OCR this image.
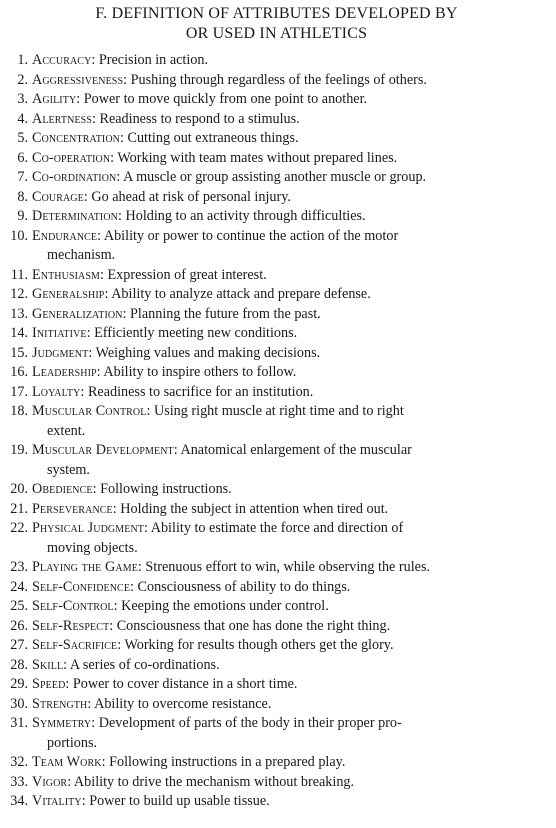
F. DEFINITION OF ATTRIBUTES DEVELOPED BY
OR USED IN ATHLETICS
1. Accuracy: Precision in action.
2. Aggressiveness: Pushing through regardless of the feelings of others.
3. Agility: Power to move quickly from one point to another.
4. Alertness: Readiness to respond to a stimulus.
5. Concentration: Cutting out extraneous things.
6. Co-operation: Working with team mates without prepared lines.
7. Co-ordination: A muscle or group assisting another muscle or group.
8. Courage: Go ahead at risk of personal injury.
9. Determination: Holding to an activity through difficulties.
10. Endurance: Ability or power to continue the action of the motor
mechanism.
11. Enthusiasm: Expression of great interest.
12. Generalship: Ability to analyze attack and prepare defense.
13. Generalization: Planning the future from the past.
14. Initiative: Efficiently meeting new conditions.
15. Judgment: Weighing values and making decisions.
16. Leadership: Ability to inspire others to follow.
17. Loyalty: Readiness to sacrifice for an institution.
18. Muscular Control: Using right muscle at right time and to right
extent.
19. Muscular Development: Anatomical enlargement of the muscular
system.
20. Obedience: Following instructions.
21. Perseverance: Holding the subject in attention when tired out.
22. Physical Judgment: Ability to estimate the force and direction of
moving objects.
23. Playing the Game: Strenuous effort to win, while observing the rules.
24. Self-Confidence: Consciousness of ability to do things.
25. Self-Control: Keeping the emotions under control.
26. Self-Respect: Consciousness that one has done the right thing.
27. Self-Sacrifice: Working for results though others get the glory.
28. Skill: A series of co-ordinations.
29. Speed: Power to cover distance in a short time.
30. Strength: Ability to overcome resistance.
31. Symmetry: Development of parts of the body in their proper pro-
portions.
32. Team Work: Following instructions in a prepared play.
33. Vigor: Ability to drive the mechanism without breaking.
34. Vitality: Power to build up usable tissue.
